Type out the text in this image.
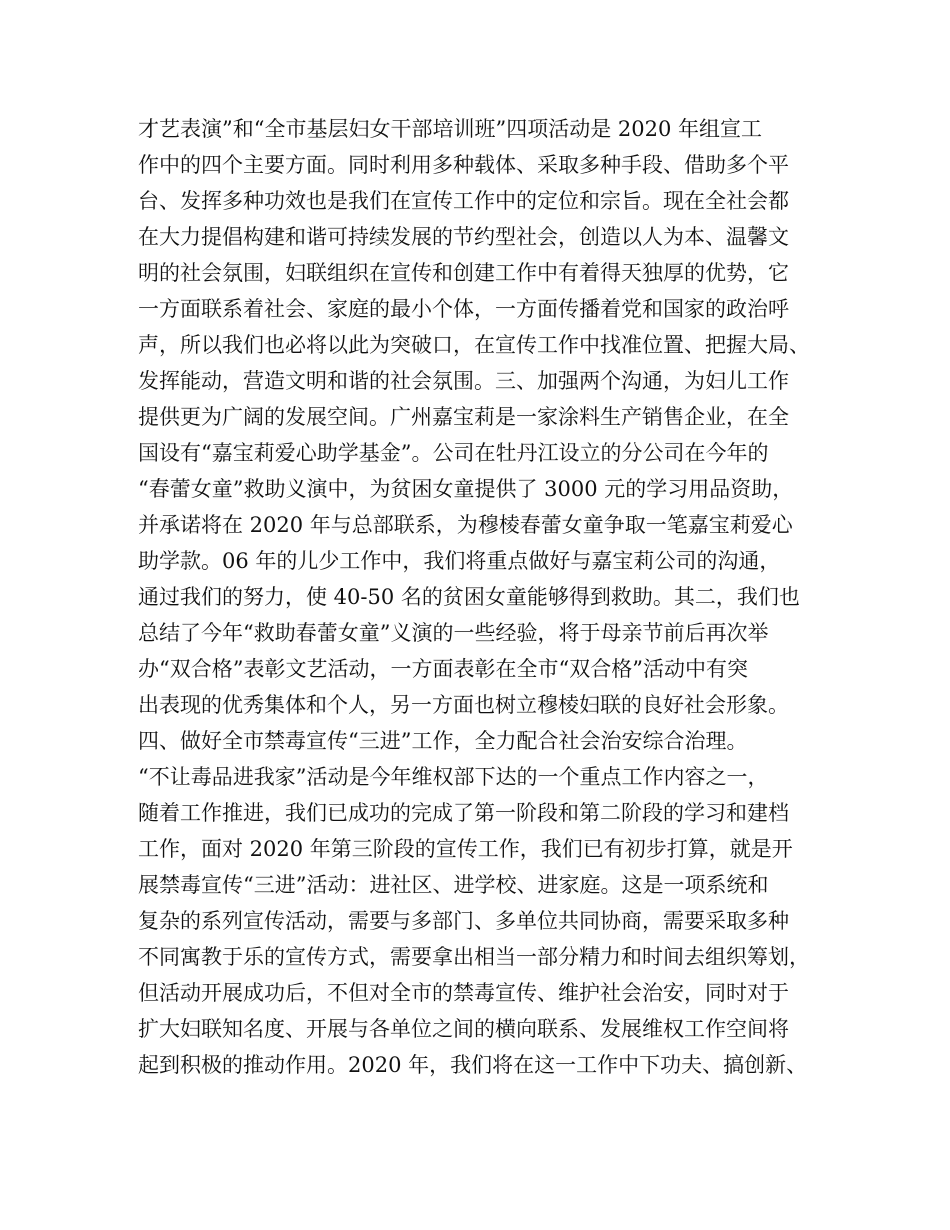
才艺表演”和“全市基层妇女干部培训班”四项活动是 2020 年组宣工
作中的四个主要方面。同时利用多种载体、采取多种手段、借助多个平
台、发挥多种功效也是我们在宣传工作中的定位和宗旨。现在全社会都
在大力提倡构建和谐可持续发展的节约型社会，创造以人为本、温馨文
明的社会氛围，妇联组织在宣传和创建工作中有着得天独厚的优势，它
一方面联系着社会、家庭的最小个体，一方面传播着党和国家的政治呼
声，所以我们也必将以此为突破口，在宣传工作中找准位置、把握大局、
发挥能动，营造文明和谐的社会氛围。三、加强两个沟通，为妇儿工作
提供更为广阔的发展空间。广州嘉宝莉是一家涂料生产销售企业，在全
国设有“嘉宝莉爱心助学基金”。公司在牡丹江设立的分公司在今年的
“春蕾女童”救助义演中，为贫困女童提供了 3000 元的学习用品资助，
并承诺将在 2020 年与总部联系，为穆棱春蕾女童争取一笔嘉宝莉爱心
助学款。06 年的儿少工作中，我们将重点做好与嘉宝莉公司的沟通，
通过我们的努力，使 40-50 名的贫困女童能够得到救助。其二，我们也
总结了今年“救助春蕾女童”义演的一些经验，将于母亲节前后再次举
办“双合格”表彰文艺活动，一方面表彰在全市“双合格”活动中有突
出表现的优秀集体和个人，另一方面也树立穆棱妇联的良好社会形象。
四、做好全市禁毒宣传“三进”工作，全力配合社会治安综合治理。
“不让毒品进我家”活动是今年维权部下达的一个重点工作内容之一，
随着工作推进，我们已成功的完成了第一阶段和第二阶段的学习和建档
工作，面对 2020 年第三阶段的宣传工作，我们已有初步打算，就是开
展禁毒宣传“三进”活动：进社区、进学校、进家庭。这是一项系统和
复杂的系列宣传活动，需要与多部门、多单位共同协商，需要采取多种
不同寓教于乐的宣传方式，需要拿出相当一部分精力和时间去组织筹划，
但活动开展成功后，不但对全市的禁毒宣传、维护社会治安，同时对于
扩大妇联知名度、开展与各单位之间的横向联系、发展维权工作空间将
起到积极的推动作用。2020 年，我们将在这一工作中下功夫、搞创新、
